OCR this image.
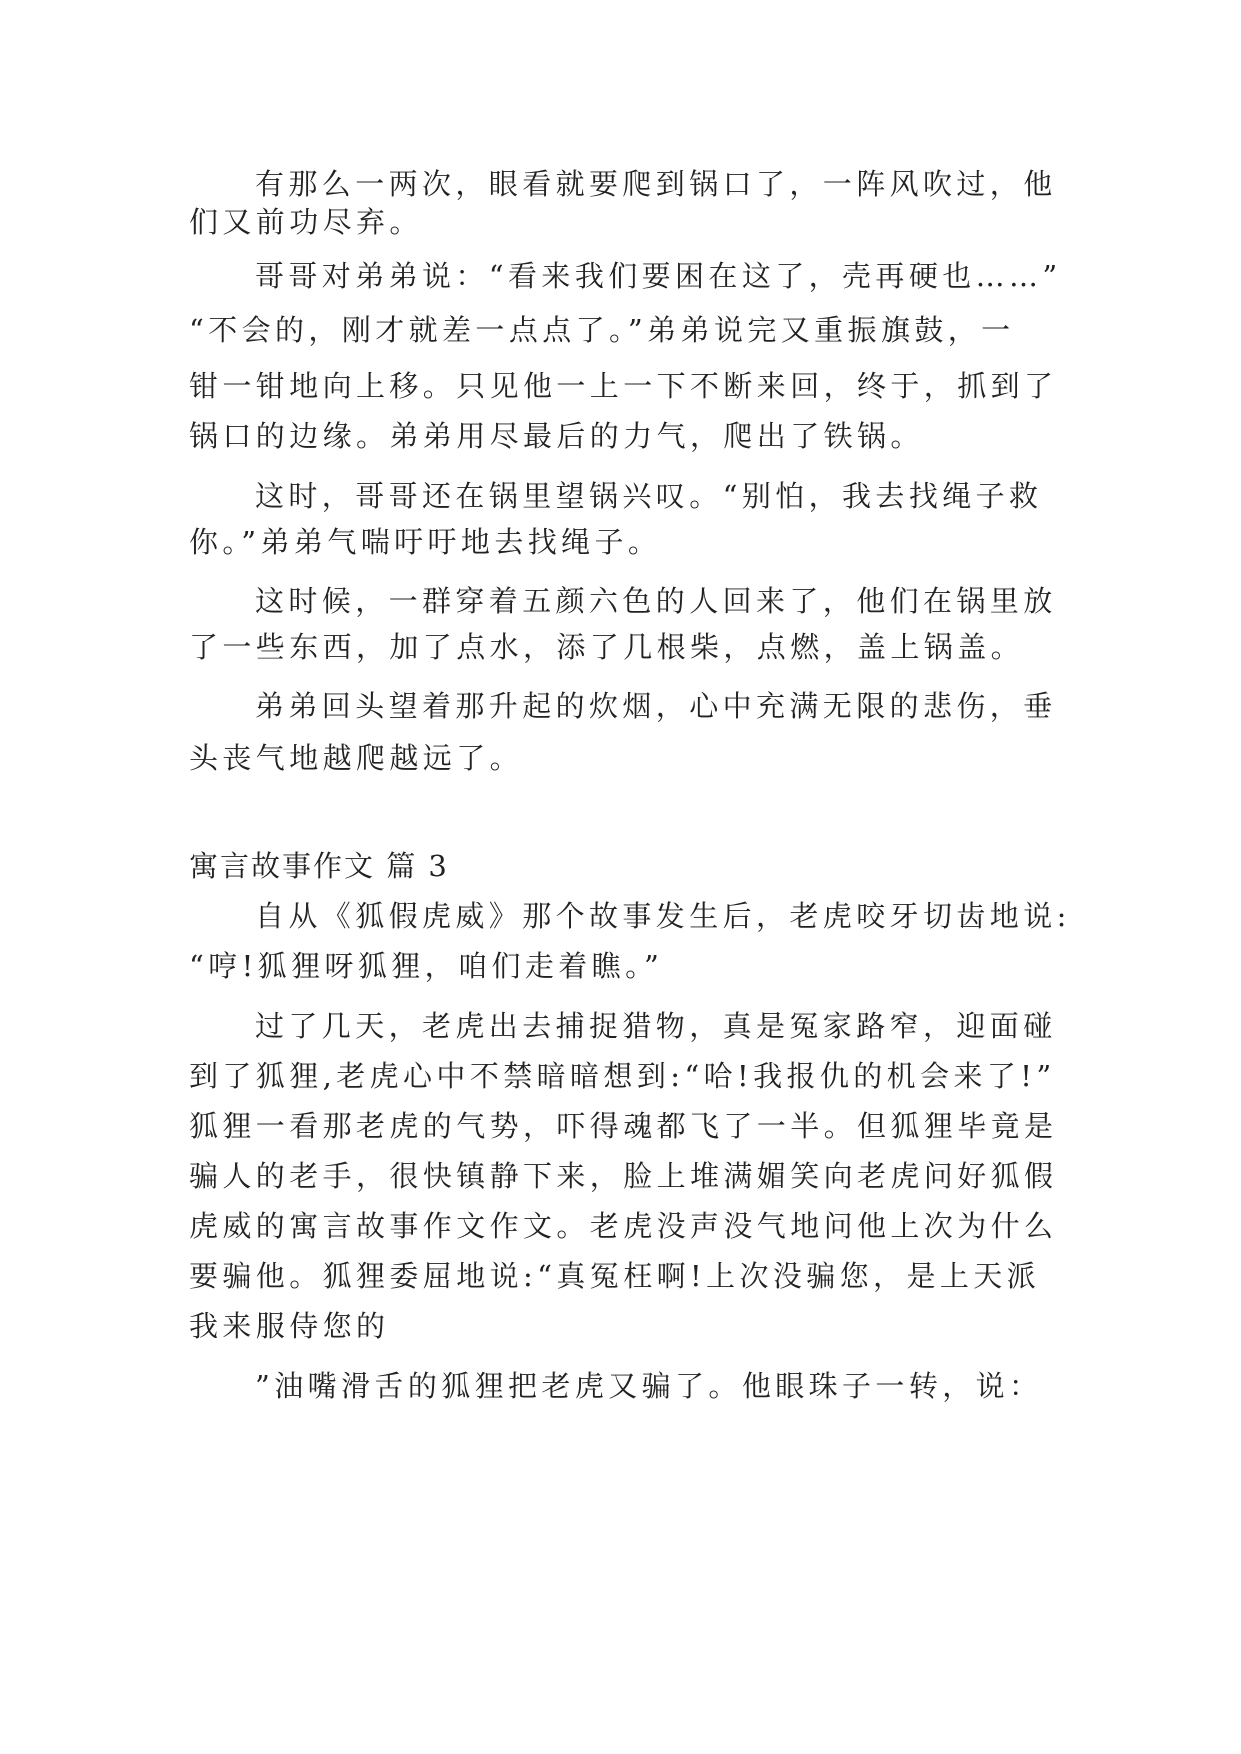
有那么一两次，眼看就要爬到锅口了，一阵风吹过，他
们又前功尽弃。
哥哥对弟弟说：“看来我们要困在这了，壳再硬也……”
“不会的，刚才就差一点点了。”弟弟说完又重振旗鼓，一
钳一钳地向上移。只见他一上一下不断来回，终于，抓到了
锅口的边缘。弟弟用尽最后的力气，爬出了铁锅。
这时，哥哥还在锅里望锅兴叹。“别怕，我去找绳子救
你。”弟弟气喘吁吁地去找绳子。
这时候，一群穿着五颜六色的人回来了，他们在锅里放
了一些东西，加了点水，添了几根柴，点燃，盖上锅盖。
弟弟回头望着那升起的炊烟，心中充满无限的悲伤，垂
头丧气地越爬越远了。
寓言故事作文 篇 3
自从《狐假虎威》那个故事发生后，老虎咬牙切齿地说:
“哼!狐狸呀狐狸，咱们走着瞧。”
过了几天，老虎出去捕捉猎物，真是冤家路窄，迎面碰
到了狐狸,老虎心中不禁暗暗想到:“哈!我报仇的机会来了!”
狐狸一看那老虎的气势，吓得魂都飞了一半。但狐狸毕竟是
骗人的老手，很快镇静下来，脸上堆满媚笑向老虎问好狐假
虎威的寓言故事作文作文。老虎没声没气地问他上次为什么
要骗他。狐狸委屈地说:“真冤枉啊!上次没骗您，是上天派
我来服侍您的
”油嘴滑舌的狐狸把老虎又骗了。他眼珠子一转，说：
